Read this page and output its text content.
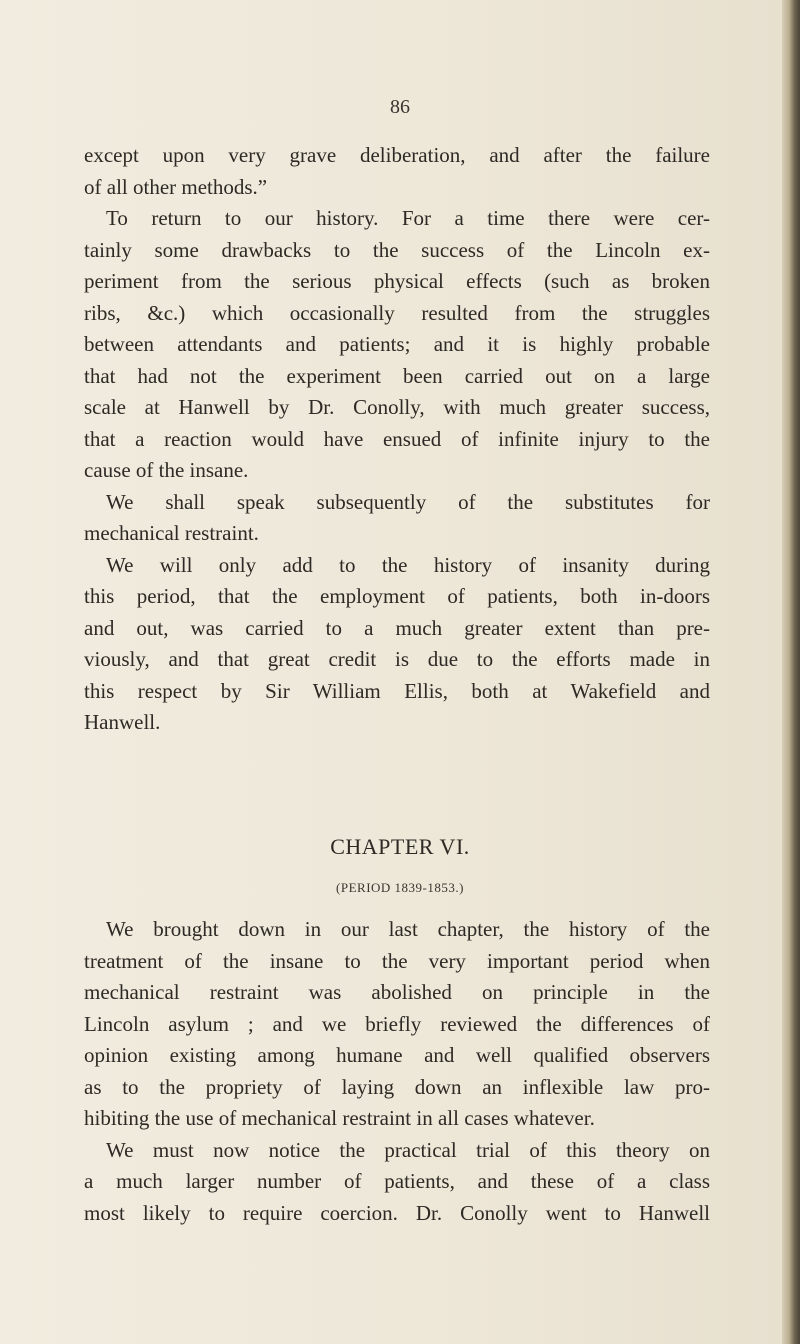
86
except upon very grave deliberation, and after the failure
of all other methods.”
To return to our history. For a time there were cer-
tainly some drawbacks to the success of the Lincoln ex-
periment from the serious physical effects (such as broken
ribs, &c.) which occasionally resulted from the struggles
between attendants and patients; and it is highly probable
that had not the experiment been carried out on a large
scale at Hanwell by Dr. Conolly, with much greater success,
that a reaction would have ensued of infinite injury to the
cause of the insane.
We shall speak subsequently of the substitutes for
mechanical restraint.
We will only add to the history of insanity during
this period, that the employment of patients, both in-doors
and out, was carried to a much greater extent than pre-
viously, and that great credit is due to the efforts made in
this respect by Sir William Ellis, both at Wakefield and
Hanwell.
CHAPTER VI.
(PERIOD 1839-1853.)
We brought down in our last chapter, the history of the
treatment of the insane to the very important period when
mechanical restraint was abolished on principle in the
Lincoln asylum ; and we briefly reviewed the differences of
opinion existing among humane and well qualified observers
as to the propriety of laying down an inflexible law pro-
hibiting the use of mechanical restraint in all cases whatever.
We must now notice the practical trial of this theory on
a much larger number of patients, and these of a class
most likely to require coercion. Dr. Conolly went to Hanwell
